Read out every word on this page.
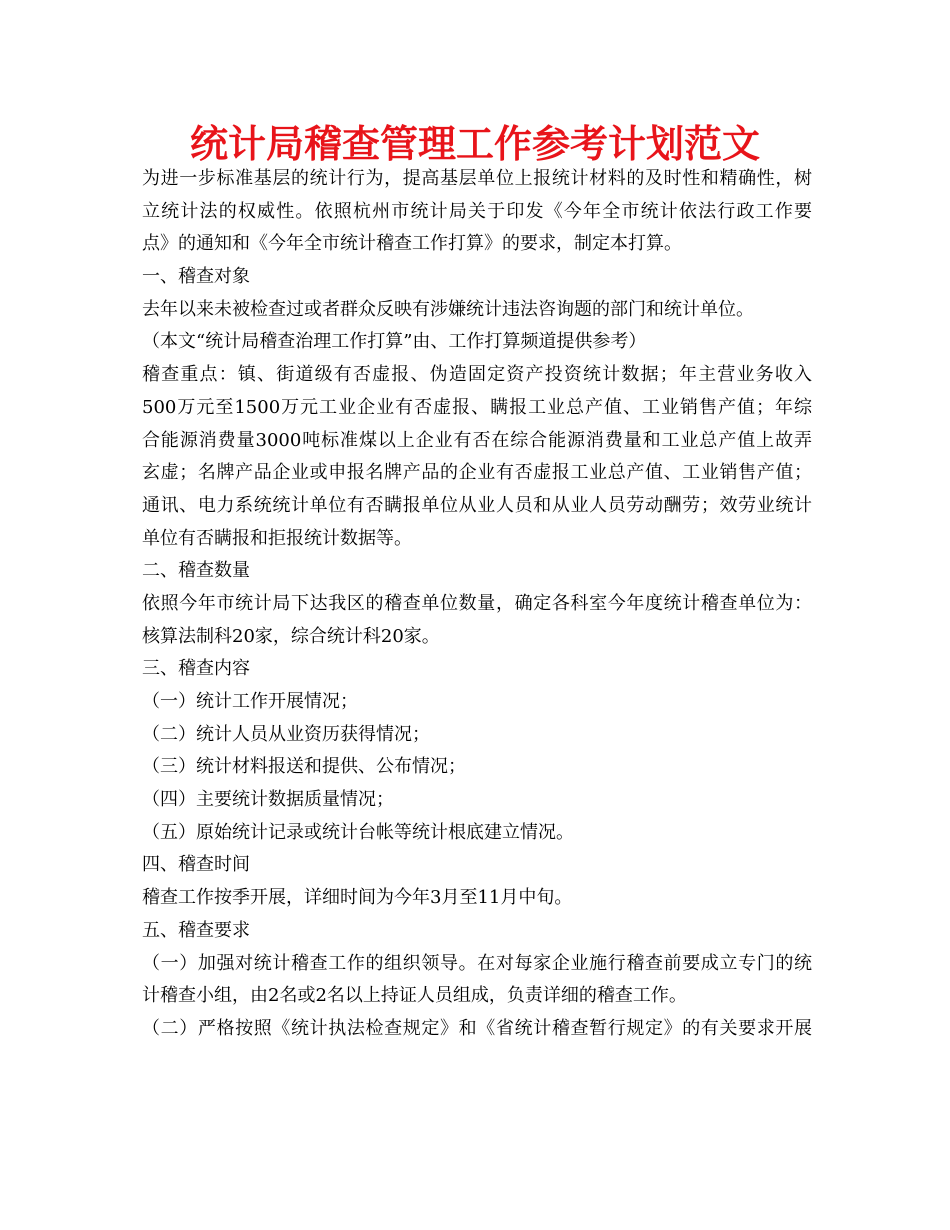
统计局稽查管理工作参考计划范文
为进一步标准基层的统计行为，提高基层单位上报统计材料的及时性和精确性，树
立统计法的权威性。依照杭州市统计局关于印发《今年全市统计依法行政工作要
点》的通知和《今年全市统计稽查工作打算》的要求，制定本打算。
一、稽查对象
去年以来未被检查过或者群众反映有涉嫌统计违法咨询题的部门和统计单位。
（本文“统计局稽查治理工作打算”由、工作打算频道提供参考）
稽查重点：镇、街道级有否虚报、伪造固定资产投资统计数据；年主营业务收入
500万元至1500万元工业企业有否虚报、瞒报工业总产值、工业销售产值；年综
合能源消费量3000吨标准煤以上企业有否在综合能源消费量和工业总产值上故弄
玄虚；名牌产品企业或申报名牌产品的企业有否虚报工业总产值、工业销售产值；
通讯、电力系统统计单位有否瞒报单位从业人员和从业人员劳动酬劳；效劳业统计
单位有否瞒报和拒报统计数据等。
二、稽查数量
依照今年市统计局下达我区的稽查单位数量，确定各科室今年度统计稽查单位为：
核算法制科20家，综合统计科20家。
三、稽查内容
（一）统计工作开展情况；
（二）统计人员从业资历获得情况；
（三）统计材料报送和提供、公布情况；
（四）主要统计数据质量情况；
（五）原始统计记录或统计台帐等统计根底建立情况。
四、稽查时间
稽查工作按季开展，详细时间为今年3月至11月中旬。
五、稽查要求
（一）加强对统计稽查工作的组织领导。在对每家企业施行稽查前要成立专门的统
计稽查小组，由2名或2名以上持证人员组成，负责详细的稽查工作。
（二）严格按照《统计执法检查规定》和《省统计稽查暂行规定》的有关要求开展
